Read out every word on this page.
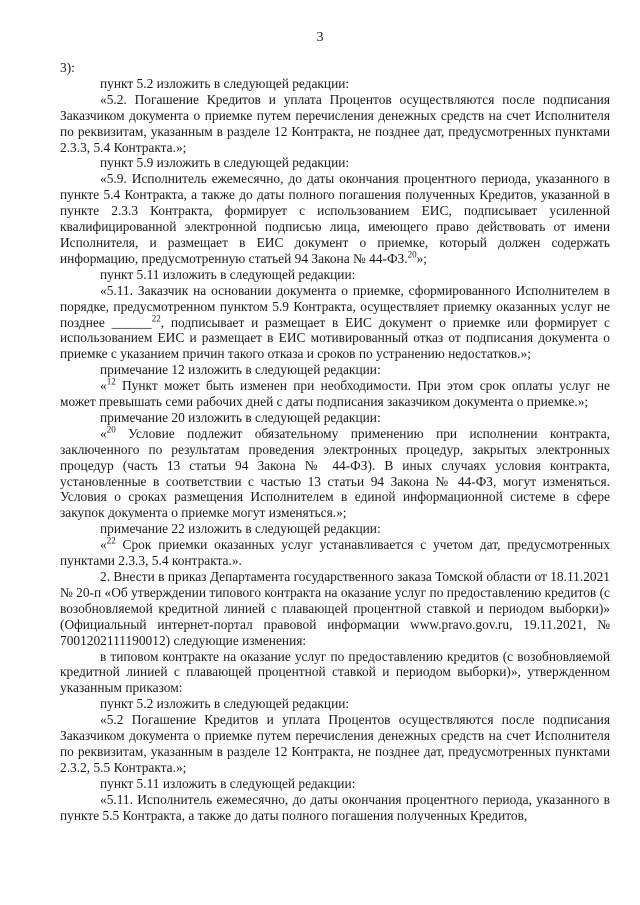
3

3):

пункт 5.2 изложить в следующей редакции:

«5.2. Погашение Кредитов и уплата Процентов осуществляются после подписания Заказчиком документа о приемке путем перечисления денежных средств на счет Исполнителя по реквизитам, указанным в разделе 12 Контракта, не позднее дат, предусмотренных пунктами 2.3.3, 5.4 Контракта.»;

пункт 5.9 изложить в следующей редакции:

«5.9. Исполнитель ежемесячно, до даты окончания процентного периода, указанного в пункте 5.4 Контракта, а также до даты полного погашения полученных Кредитов, указанной в пункте 2.3.3 Контракта, формирует с использованием ЕИС, подписывает усиленной квалифицированной электронной подписью лица, имеющего право действовать от имени Исполнителя, и размещает в ЕИС документ о приемке, который должен содержать информацию, предусмотренную статьей 94 Закона № 44-ФЗ.$^{20}$»;

пункт 5.11 изложить в следующей редакции:

«5.11. Заказчик на основании документа о приемке, сформированного Исполнителем в порядке, предусмотренном пунктом 5.9 Контракта, осуществляет приемку оказанных услуг не позднее ______$^{22}$, подписывает и размещает в ЕИС документ о приемке или формирует с использованием ЕИС и размещает в ЕИС мотивированный отказ от подписания документа о приемке с указанием причин такого отказа и сроков по устранению недостатков.»;

примечание 12 изложить в следующей редакции:

«$^{12}$ Пункт может быть изменен при необходимости. При этом срок оплаты услуг не может превышать семи рабочих дней с даты подписания заказчиком документа о приемке.»;

примечание 20 изложить в следующей редакции:

«$^{20}$ Условие подлежит обязательному применению при исполнении контракта, заключенного по результатам проведения электронных процедур, закрытых электронных процедур (часть 13 статьи 94 Закона № 44-ФЗ). В иных случаях условия контракта, установленные в соответствии с частью 13 статьи 94 Закона № 44-ФЗ, могут изменяться. Условия о сроках размещения Исполнителем в единой информационной системе в сфере закупок документа о приемке могут изменяться.»;

примечание 22 изложить в следующей редакции:

«$^{22}$ Срок приемки оказанных услуг устанавливается с учетом дат, предусмотренных пунктами 2.3.3, 5.4 контракта.».

2. Внести в приказ Департамента государственного заказа Томской области от 18.11.2021 № 20-п «Об утверждении типового контракта на оказание услуг по предоставлению кредитов (с возобновляемой кредитной линией с плавающей процентной ставкой и периодом выборки)» (Официальный интернет-портал правовой информации www.pravo.gov.ru, 19.11.2021, № 7001202111190012) следующие изменения:

в типовом контракте на оказание услуг по предоставлению кредитов (с возобновляемой кредитной линией с плавающей процентной ставкой и периодом выборки)», утвержденном указанным приказом:

пункт 5.2 изложить в следующей редакции:

«5.2 Погашение Кредитов и уплата Процентов осуществляются после подписания Заказчиком документа о приемке путем перечисления денежных средств на счет Исполнителя по реквизитам, указанным в разделе 12 Контракта, не позднее дат, предусмотренных пунктами 2.3.2, 5.5 Контракта.»;

пункт 5.11 изложить в следующей редакции:

«5.11. Исполнитель ежемесячно, до даты окончания процентного периода, указанного в пункте 5.5 Контракта, а также до даты полного погашения полученных Кредитов,
